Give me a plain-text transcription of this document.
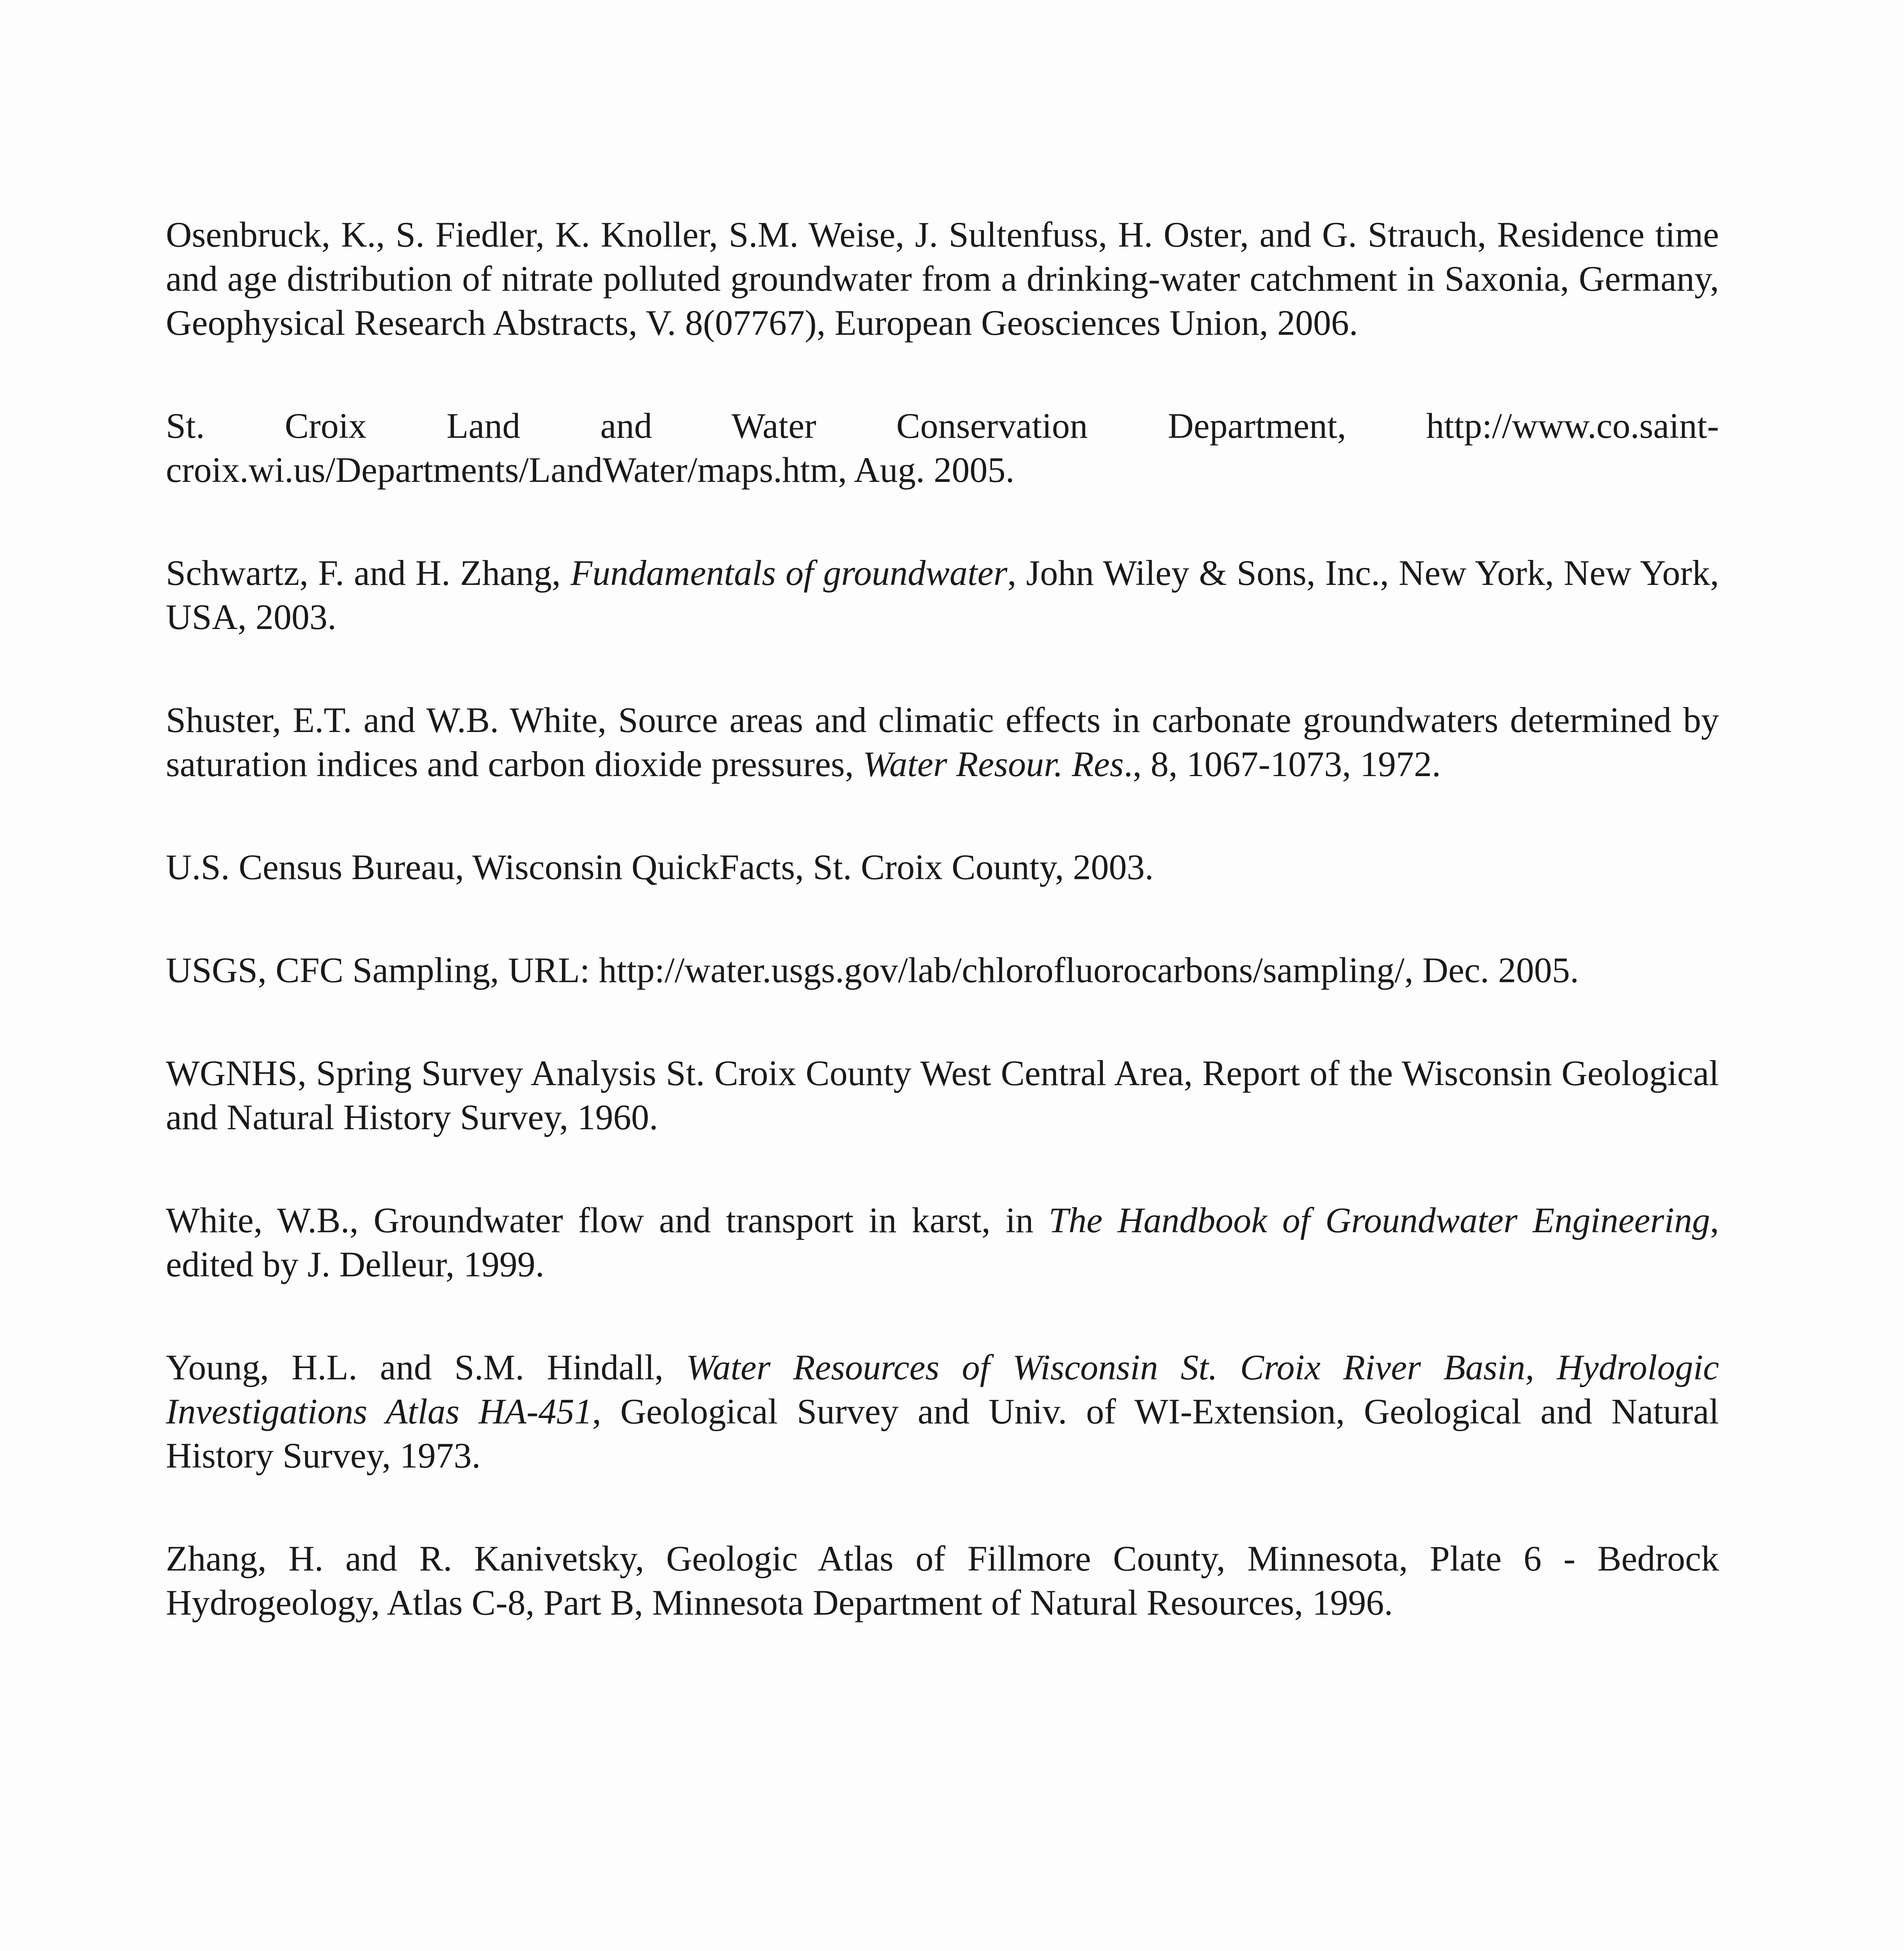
Osenbruck, K., S. Fiedler, K. Knoller, S.M. Weise, J. Sultenfuss, H. Oster, and G. Strauch, Residence time and age distribution of nitrate polluted groundwater from a drinking-water catchment in Saxonia, Germany, Geophysical Research Abstracts, V. 8(07767), European Geosciences Union, 2006.

St. Croix Land and Water Conservation Department, http://www.co.saint-croix.wi.us/Departments/LandWater/maps.htm, Aug. 2005.

Schwartz, F. and H. Zhang, Fundamentals of groundwater, John Wiley & Sons, Inc., New York, New York, USA, 2003.

Shuster, E.T. and W.B. White, Source areas and climatic effects in carbonate groundwaters determined by saturation indices and carbon dioxide pressures, Water Resour. Res., 8, 1067-1073, 1972.

U.S. Census Bureau, Wisconsin QuickFacts, St. Croix County, 2003.

USGS, CFC Sampling, URL: http://water.usgs.gov/lab/chlorofluorocarbons/sampling/, Dec. 2005.

WGNHS, Spring Survey Analysis St. Croix County West Central Area, Report of the Wisconsin Geological and Natural History Survey, 1960.

White, W.B., Groundwater flow and transport in karst, in The Handbook of Groundwater Engineering, edited by J. Delleur, 1999.

Young, H.L. and S.M. Hindall, Water Resources of Wisconsin St. Croix River Basin, Hydrologic Investigations Atlas HA-451, Geological Survey and Univ. of WI-Extension, Geological and Natural History Survey, 1973.

Zhang, H. and R. Kanivetsky, Geologic Atlas of Fillmore County, Minnesota, Plate 6 - Bedrock Hydrogeology, Atlas C-8, Part B, Minnesota Department of Natural Resources, 1996.
